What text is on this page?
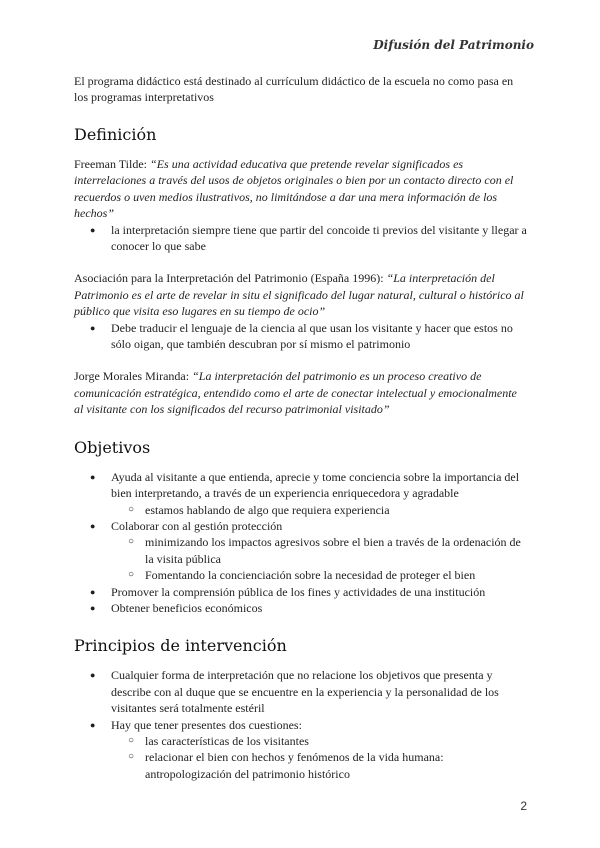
Difusión del Patrimonio

El programa didáctico está destinado al currículum didáctico de la escuela no como pasa en los programas interpretativos

Definición

Freeman Tilde: “Es una actividad educativa que pretende revelar significados es interrelaciones a través del usos de objetos originales o bien por un contacto directo con el recuerdos o uven medios ilustrativos, no limitándose a dar una mera información de los hechos”

● la interpretación siempre tiene que partir del concoide ti previos del visitante y llegar a conocer lo que sabe

Asociación para la Interpretación del Patrimonio (España 1996): “La interpretación del Patrimonio es el arte de revelar in situ el significado del lugar natural, cultural o histórico al público que visita eso lugares en su tiempo de ocio”

● Debe traducir el lenguaje de la ciencia al que usan los visitante y hacer que estos no sólo oigan, que también descubran por sí mismo el patrimonio

Jorge Morales Miranda: “La interpretación del patrimonio es un proceso creativo de comunicación estratégica, entendido como el arte de conectar intelectual y emocionalmente al visitante con los significados del recurso patrimonial visitado”

Objetivos
● Ayuda al visitante a que entienda, aprecie y tome conciencia sobre la importancia del bien interpretando, a través de un experiencia enriquecedora y agradable
○ estamos hablando de algo que requiera experiencia
● Colaborar con al gestión protección
○ minimizando los impactos agresivos sobre el bien a través de la ordenación de la visita pública
○ Fomentando la concienciación sobre la necesidad de proteger el bien
● Promover la comprensión pública de los fines y actividades de una institución
● Obtener beneficios económicos
Principios de intervención
● Cualquier forma de interpretación que no relacione los objetivos que presenta y describe con al duque que se encuentre en la experiencia y la personalidad de los visitantes será totalmente estéril
● Hay que tener presentes dos cuestiones:
○ las características de los visitantes
○ relacionar el bien con hechos y fenómenos de la vida humana: antropologización del patrimonio histórico
2
